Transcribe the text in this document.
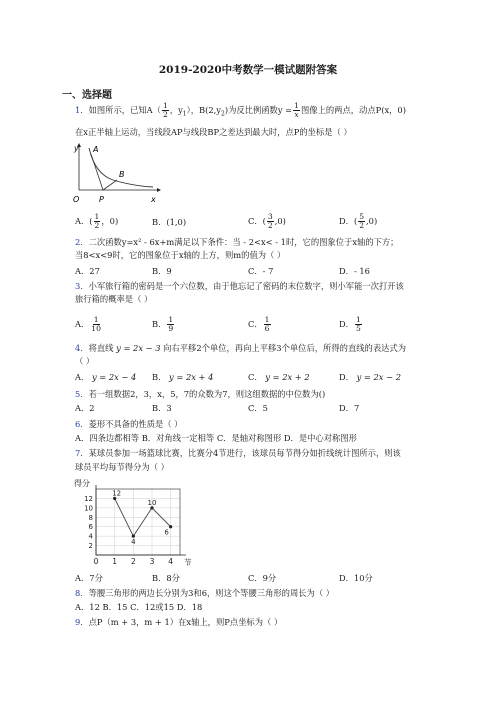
2019-2020中考数学一模试题附答案
一、选择题
1．如图所示，已知$A( \frac{1}{2}$ ，$y_1$），$B(2,y_2)$为反比例函数$y = \frac{1}{x}$ 图像上的两点，动点P(x，0)
在x正半轴上运动，当线段AP与线段BP之差达到最大时，点P的坐标是（ ）
y A
B
O P	x
A．( $\frac{1}{2}$ ，0)	B．(1,0)	C．( $\frac{3}{2} ,0$)	D．( $\frac{5}{2} ,0$)
2．二次函数y=x² - 6x+m满足以下条件：当 - 2<x< - 1时，它的图象位于x轴的下方；
当8<x<9时，它的图象位于x轴的上方，则m的值为（ ）
A．27	B．9	C．- 7	D．- 16
3．小军旅行箱的密码是一个六位数，由于他忘记了密码的末位数字，则小军能一次打开该
旅行箱的概率是（ ）
A． $\frac{1}{10}$	B． $\frac{1}{9}$	C． $\frac{1}{6}$	D． $\frac{1}{5}$
4．将直线 y = 2x − 3 向右平移2个单位，再向上平移3个单位后，所得的直线的表达式为
（ ）
A． y = 2x − 4 B． y = 2x + 4	C． y = 2x + 2	D． y = 2x − 2
5．若一组数据2，3，x，5，7的众数为7，则这组数据的中位数为()
A．2	B．3	C．5	D．7
6．菱形不具备的性质是（ ）
A．四条边都相等 B．对角线一定相等 C．是轴对称图形 D．是中心对称图形
7．某球员参加一场篮球比赛，比赛分4节进行，该球员每节得分如折线统计图所示，则该
球员平均每节得分为（ ）
2
4
6
8
10
12
0 1 2 3 4
得分
节
12
4
10
6
A．7分	B．8分	C．9分	D．10分
8．等腰三角形的两边长分别为3和6，则这个等腰三角形的周长为（ ）
A．12 B．15 C．12或15 D．18
9．点P（m + 3，m + 1）在x轴上，则P点坐标为（ ）
